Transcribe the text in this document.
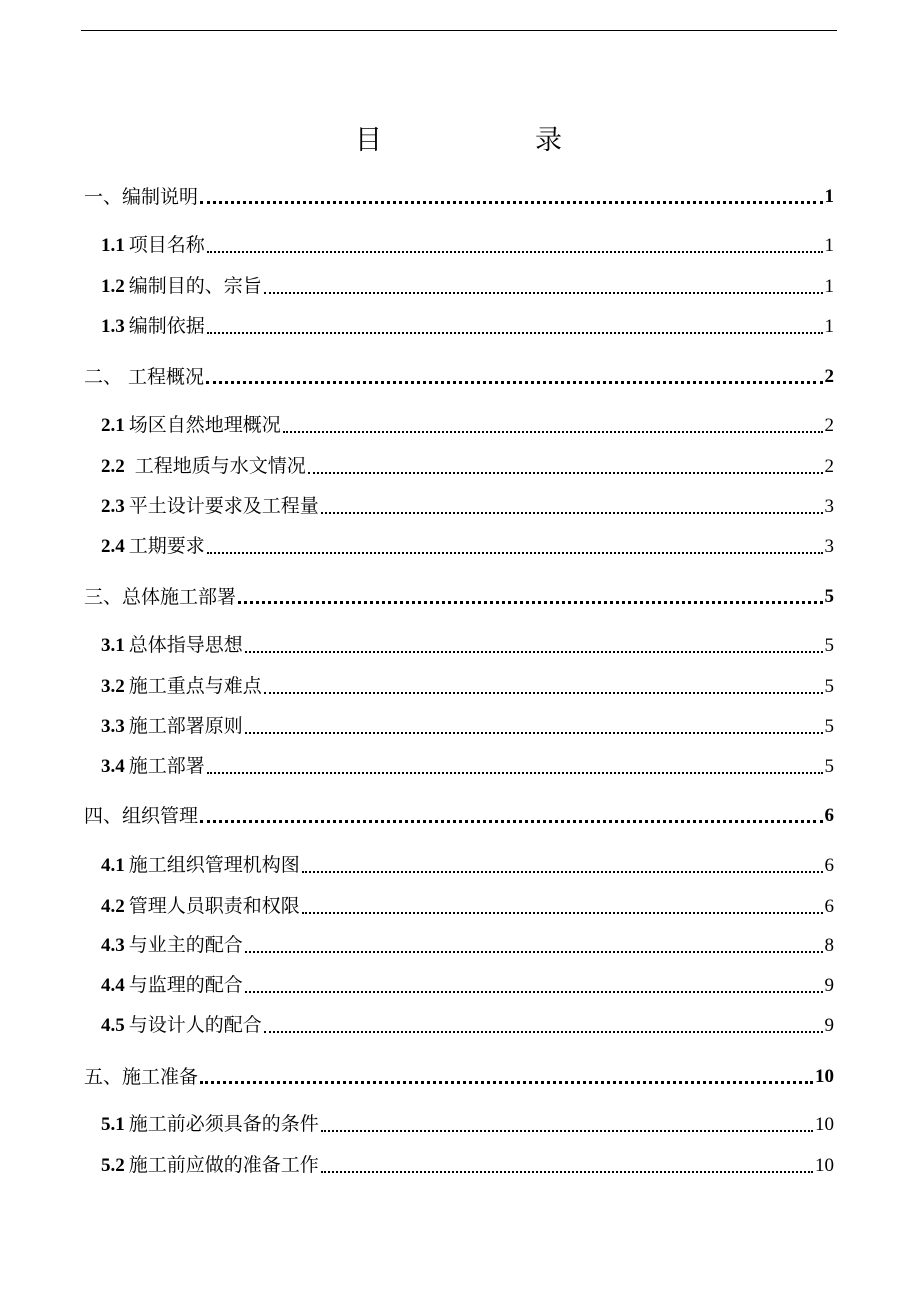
目	录
一、编制说明	1
1.1 项目名称	1
1.2 编制目的、宗旨	1
1.3 编制依据	1
二、 工程概况	2
2.1 场区自然地理概况	2
2.2 工程地质与水文情况	2
2.3 平土设计要求及工程量	3
2.4 工期要求	3
三、总体施工部署	5
3.1 总体指导思想	5
3.2 施工重点与难点	5
3.3 施工部署原则	5
3.4 施工部署	5
四、组织管理	6
4.1 施工组织管理机构图	6
4.2 管理人员职责和权限	6
4.3 与业主的配合	8
4.4 与监理的配合	9
4.5 与设计人的配合	9
五、施工准备	10
5.1 施工前必须具备的条件	10
5.2 施工前应做的准备工作	10
